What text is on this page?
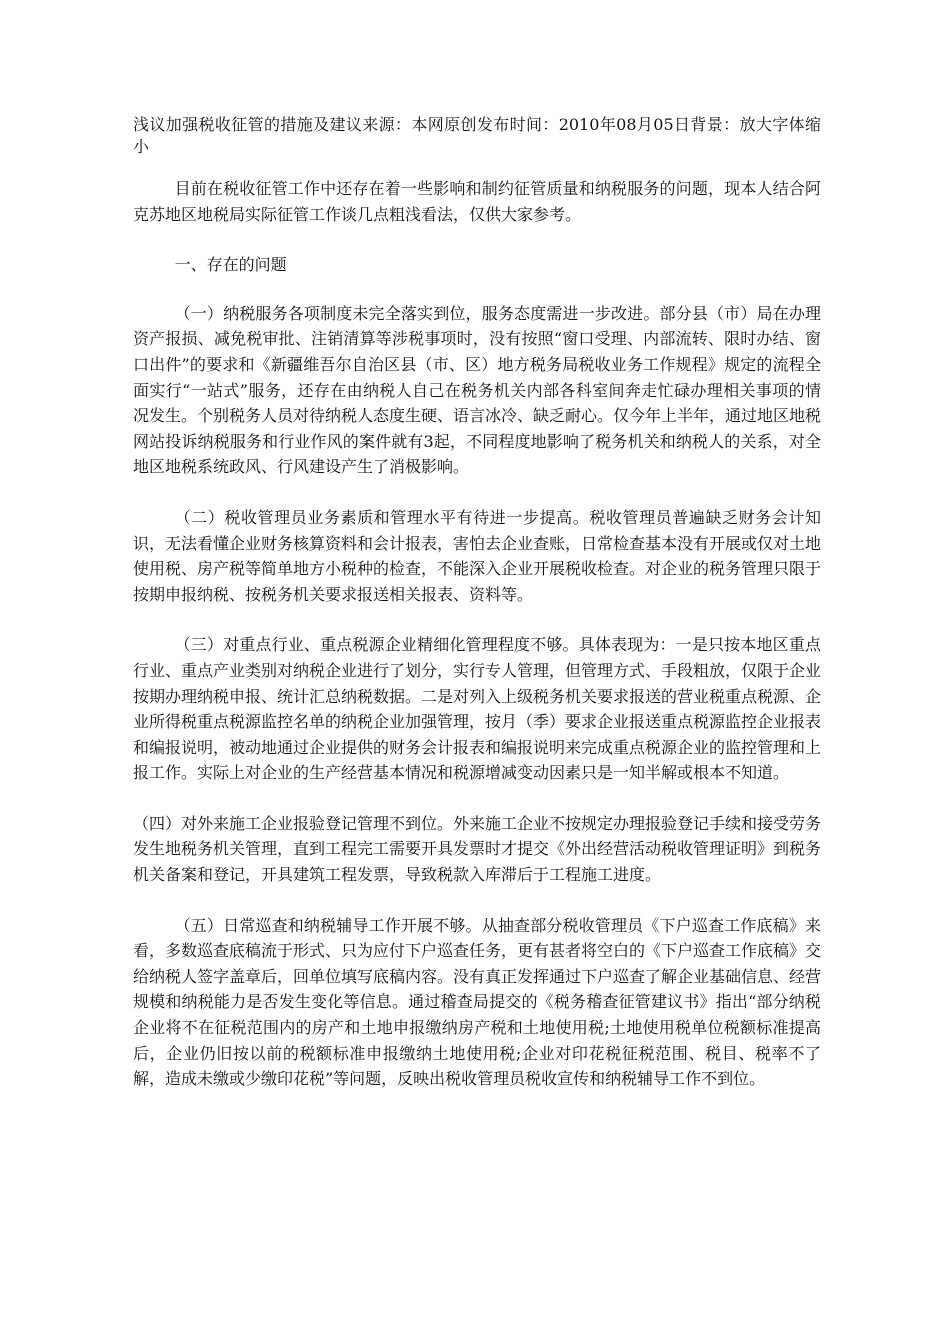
浅议加强税收征管的措施及建议来源：本网原创发布时间：2010年08月05日背景：放大字体缩小

目前在税收征管工作中还存在着一些影响和制约征管质量和纳税服务的问题，现本人结合阿克苏地区地税局实际征管工作谈几点粗浅看法，仅供大家参考。

一、存在的问题

（一）纳税服务各项制度未完全落实到位，服务态度需进一步改进。部分县（市）局在办理资产报损、减免税审批、注销清算等涉税事项时，没有按照“窗口受理、内部流转、限时办结、窗口出件”的要求和《新疆维吾尔自治区县（市、区）地方税务局税收业务工作规程》规定的流程全面实行“一站式”服务，还存在由纳税人自己在税务机关内部各科室间奔走忙碌办理相关事项的情况发生。个别税务人员对待纳税人态度生硬、语言冰冷、缺乏耐心。仅今年上半年，通过地区地税网站投诉纳税服务和行业作风的案件就有3起，不同程度地影响了税务机关和纳税人的关系，对全地区地税系统政风、行风建设产生了消极影响。

（二）税收管理员业务素质和管理水平有待进一步提高。税收管理员普遍缺乏财务会计知识，无法看懂企业财务核算资料和会计报表，害怕去企业查账，日常检查基本没有开展或仅对土地使用税、房产税等简单地方小税种的检查，不能深入企业开展税收检查。对企业的税务管理只限于按期申报纳税、按税务机关要求报送相关报表、资料等。

（三）对重点行业、重点税源企业精细化管理程度不够。具体表现为：一是只按本地区重点行业、重点产业类别对纳税企业进行了划分，实行专人管理，但管理方式、手段粗放，仅限于企业按期办理纳税申报、统计汇总纳税数据。二是对列入上级税务机关要求报送的营业税重点税源、企业所得税重点税源监控名单的纳税企业加强管理，按月（季）要求企业报送重点税源监控企业报表和编报说明，被动地通过企业提供的财务会计报表和编报说明来完成重点税源企业的监控管理和上报工作。实际上对企业的生产经营基本情况和税源增减变动因素只是一知半解或根本不知道。

（四）对外来施工企业报验登记管理不到位。外来施工企业不按规定办理报验登记手续和接受劳务发生地税务机关管理，直到工程完工需要开具发票时才提交《外出经营活动税收管理证明》到税务机关备案和登记，开具建筑工程发票，导致税款入库滞后于工程施工进度。

（五）日常巡查和纳税辅导工作开展不够。从抽查部分税收管理员《下户巡查工作底稿》来看，多数巡查底稿流于形式、只为应付下户巡查任务，更有甚者将空白的《下户巡查工作底稿》交给纳税人签字盖章后，回单位填写底稿内容。没有真正发挥通过下户巡查了解企业基础信息、经营规模和纳税能力是否发生变化等信息。通过稽查局提交的《税务稽查征管建议书》指出“部分纳税企业将不在征税范围内的房产和土地申报缴纳房产税和土地使用税;土地使用税单位税额标准提高后，企业仍旧按以前的税额标准申报缴纳土地使用税;企业对印花税征税范围、税目、税率不了解，造成未缴或少缴印花税”等问题，反映出税收管理员税收宣传和纳税辅导工作不到位。
